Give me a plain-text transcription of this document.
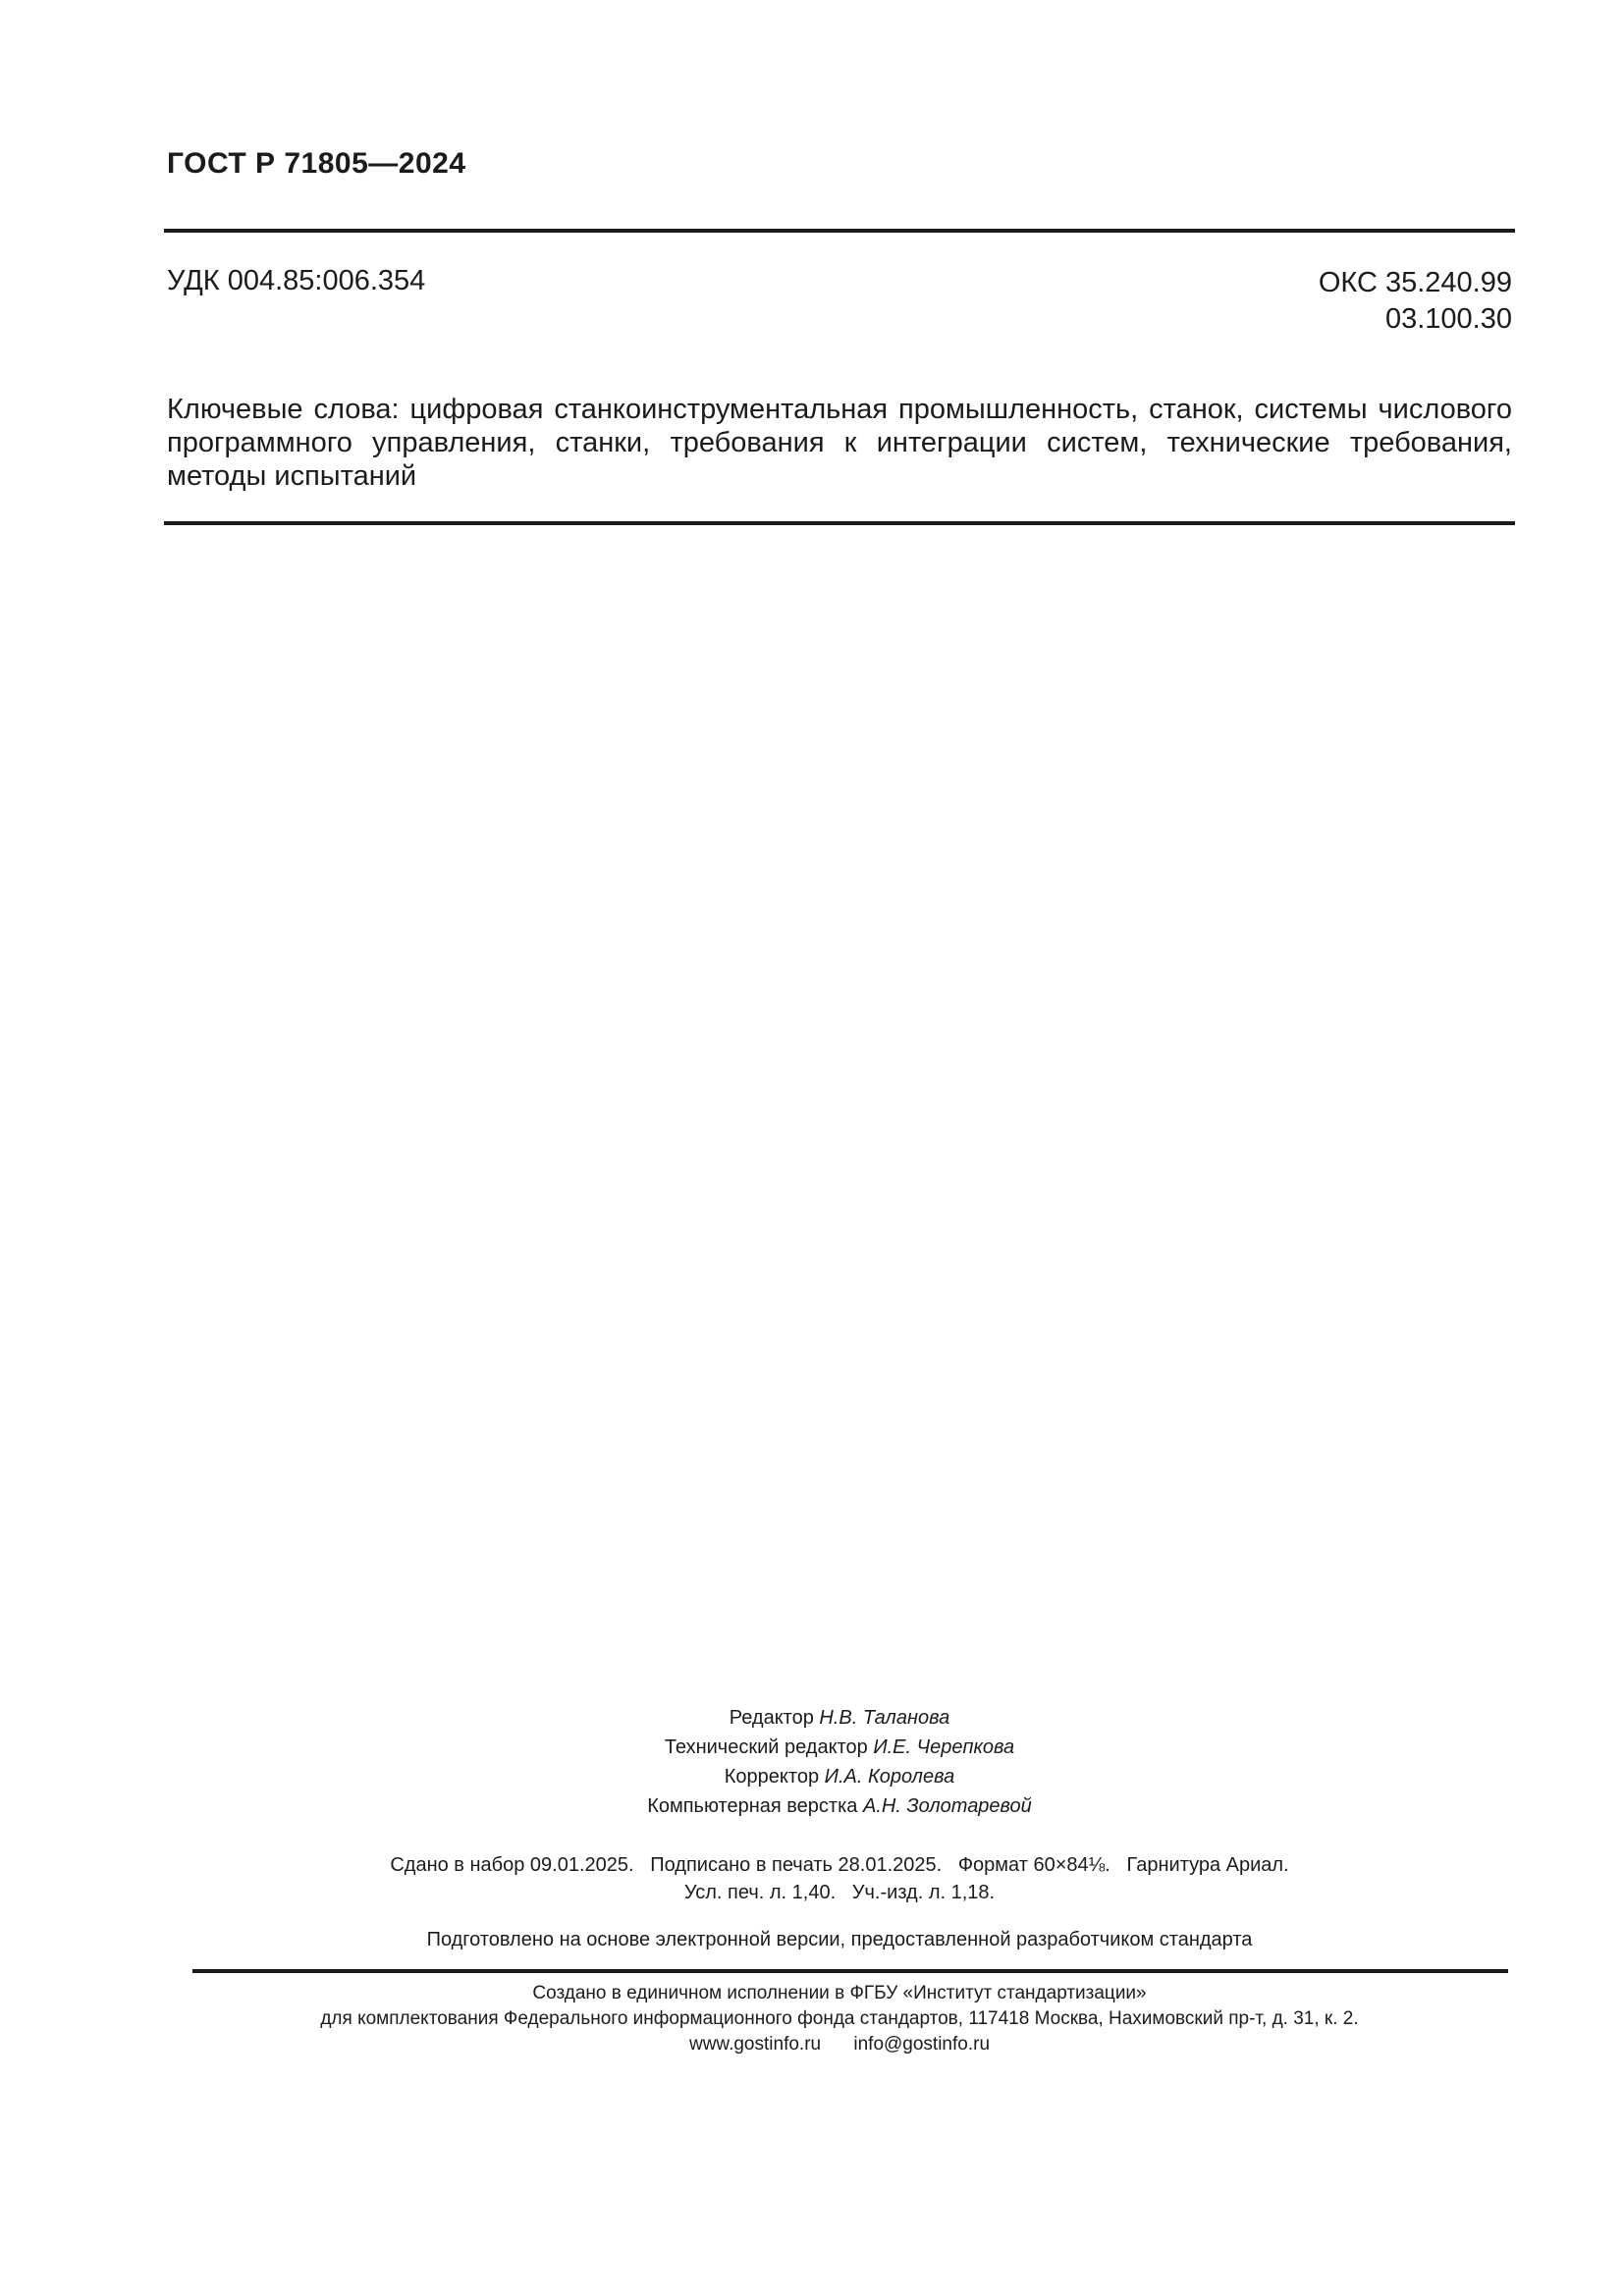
ГОСТ Р 71805—2024
УДК 004.85:006.354	ОКС 35.240.99
03.100.30

Ключевые слова: цифровая станкоинструментальная промышленность, станок, системы числового программного управления, станки, требования к интеграции систем, технические требования, методы испытаний

Редактор Н.В. Таланова
Технический редактор И.Е. Черепкова
Корректор И.А. Королева
Компьютерная верстка А.Н. Золотаревой
Сдано в набор 09.01.2025.   Подписано в печать 28.01.2025.   Формат 60×84⅛.   Гарнитура Ариал.
Усл. печ. л. 1,40.   Уч.-изд. л. 1,18.
Подготовлено на основе электронной версии, предоставленной разработчиком стандарта
Создано в единичном исполнении в ФГБУ «Институт стандартизации»
для комплектования Федерального информационного фонда стандартов, 117418 Москва, Нахимовский пр-т, д. 31, к. 2.
www.gostinfo.ru info@gostinfo.ru
